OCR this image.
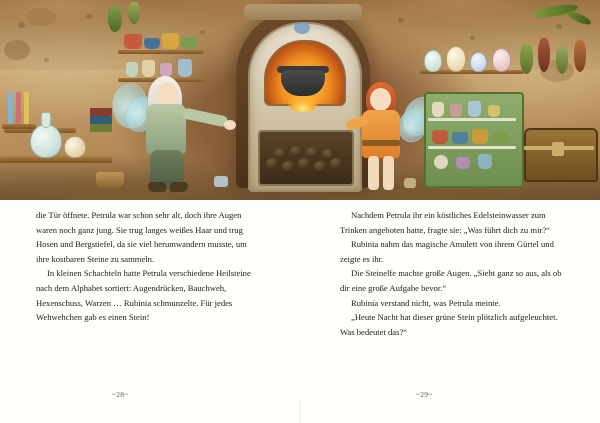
die Tür öffnete. Petrula war schon sehr alt, doch ihre Augen waren noch ganz jung. Sie trug langes weißes Haar und trug Hosen und Bergstiefel, da sie viel herumwandern musste, um ihre kostbaren Steine zu sammeln.

In kleinen Schachteln hatte Petrula verschiedene Heilsteine nach dem Alphabet sortiert: Augendrücken, Bauchweh, Hexenschuss, Warzen … Rubinia schmunzelte. Für jedes Wehwehchen gab es einen Stein!

Nachdem Petrula ihr ein köstliches Edelsteinwasser zum Trinken angeboten hatte, fragte sie: „Was führt dich zu mir?“

Rubinia nahm das magische Amulett von ihrem Gürtel und zeigte es ihr.

Die Steinelfe machte große Augen. „Sieht ganz so aus, als ob dir eine große Aufgabe bevor.“

Rubinia verstand nicht, was Petrula meinte.

„Heute Nacht hat dieser grüne Stein plötzlich aufgeleuchtet. Was bedeutet das?“

~28~	~29~
